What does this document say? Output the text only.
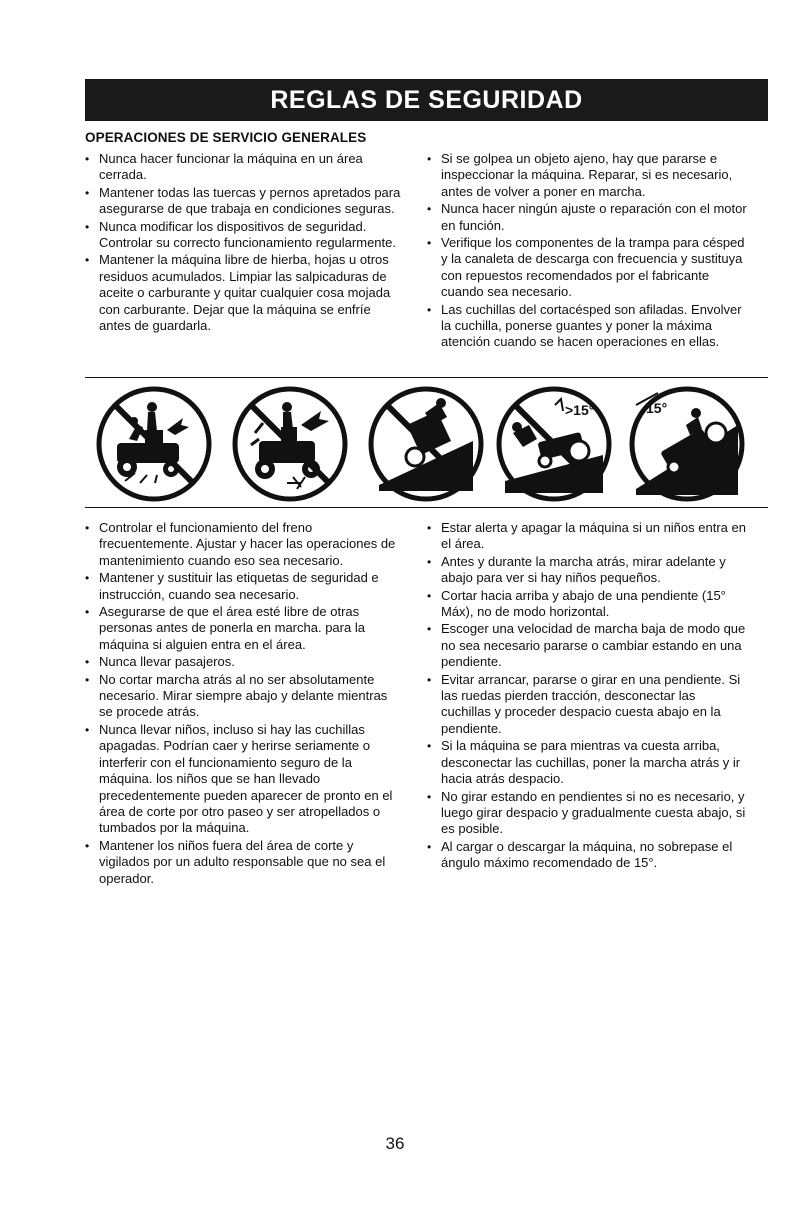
REGLAS DE SEGURIDAD
OPERACIONES DE SERVICIO GENERALES
• Nunca hacer funcionar la máquina en un área cerrada.
• Mantener todas las tuercas y pernos apretados para asegurarse de que trabaja en condiciones seguras.
• Nunca modificar los dispositivos de seguridad. Controlar su correcto funcionamiento regularmente.
• Mantener la máquina libre de hierba, hojas u otros residuos acumulados. Limpiar las salpicaduras de aceite o carburante y quitar cualquier cosa mojada con carburante. Dejar que la máquina se enfríe antes de guardarla.
• Si se golpea un objeto ajeno, hay que pararse e inspeccionar la máquina. Reparar, si es necesario, antes de volver a poner en marcha.
• Nunca hacer ningún ajuste o reparación con el motor en función.
• Verifique los componentes de la trampa para césped y la canaleta de descarga con frecuencia y sustituya con repuestos recomendados por el fabricante cuando sea necesario.
• Las cuchillas del cortacésped son afiladas. Envolver la cuchilla, ponerse guantes y poner la máxima atención cuando se hacen operaciones en ellas.
>15°	15°
• Controlar el funcionamiento del freno frecuentemente. Ajustar y hacer las operaciones de mantenimiento cuando eso sea necesario.
• Mantener y sustituir las etiquetas de seguridad e instrucción, cuando sea necesario.
• Asegurarse de que el área esté libre de otras personas antes de ponerla en marcha. para la máquina si alguien entra en el área.
• Nunca llevar pasajeros.
• No cortar marcha atrás al no ser absolutamente necesario. Mirar siempre abajo y delante mientras se procede atrás.
• Nunca llevar niños, incluso si hay las cuchillas apagadas. Podrían caer y herirse seriamente o interferir con el funcionamiento seguro de la máquina. los niños que se han llevado precedentemente pueden aparecer de pronto en el área de corte por otro paseo y ser atropellados o tumbados por la máquina.
• Mantener los niños fuera del área de corte y vigilados por un adulto responsable que no sea el operador.
• Estar alerta y apagar la máquina si un niños entra en el área.
• Antes y durante la marcha atrás, mirar adelante y abajo para ver si hay niños pequeños.
• Cortar hacia arriba y abajo de una pendiente (15° Máx), no de modo horizontal.
• Escoger una velocidad de marcha baja de modo que no sea necesario pararse o cambiar estando en una pendiente.
• Evitar arrancar, pararse o girar en una pendiente. Si las ruedas pierden tracción, desconectar las cuchillas y proceder despacio cuesta abajo en la pendiente.
• Si la máquina se para mientras va cuesta arriba, desconectar las cuchillas, poner la marcha atrás y ir hacia atrás despacio.
• No girar estando en pendientes si no es necesario, y luego girar despacio y gradualmente cuesta abajo, si es posible.
• Al cargar o descargar la máquina, no sobrepase el ángulo máximo recomendado de 15°.
36
